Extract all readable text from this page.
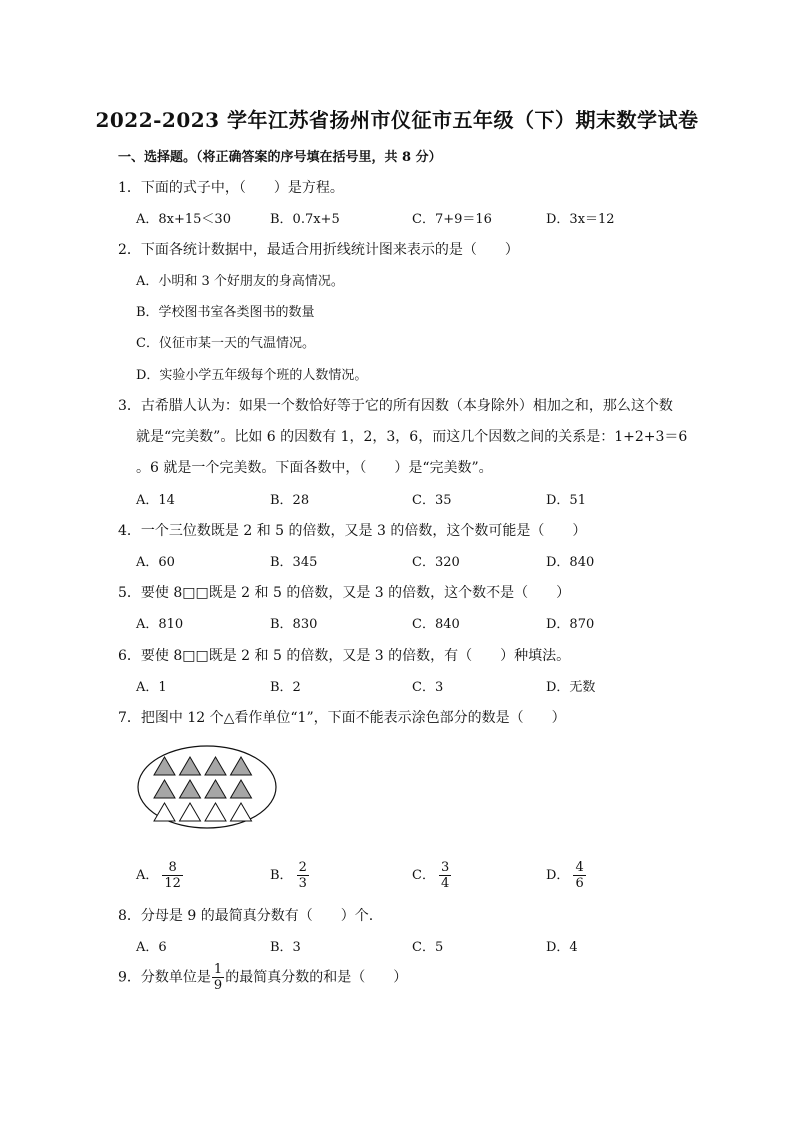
2022-2023 学年江苏省扬州市仪征市五年级（下）期末数学试卷
一、选择题。（将正确答案的序号填在括号里，共 8 分）
1．下面的式子中，（　　）是方程。
A．8x+15＜30	B．0.7x+5	C．7+9＝16	D．3x＝12
2．下面各统计数据中，最适合用折线统计图来表示的是（　　）
A．小明和 3 个好朋友的身高情况。
B．学校图书室各类图书的数量
C．仪征市某一天的气温情况。
D．实验小学五年级每个班的人数情况。
3．古希腊人认为：如果一个数恰好等于它的所有因数（本身除外）相加之和，那么这个数
就是“完美数”。比如 6 的因数有 1，2，3，6，而这几个因数之间的关系是：1+2+3＝6
。6 就是一个完美数。下面各数中，（　　）是“完美数”。
A．14	B．28	C．35	D．51
4．一个三位数既是 2 和 5 的倍数，又是 3 的倍数，这个数可能是（　　）
A．60	B．345	C．320	D．840
5．要使 8□□既是 2 和 5 的倍数，又是 3 的倍数，这个数不是（　　）
A．810	B．830	C．840	D．870
6．要使 8□□既是 2 和 5 的倍数，又是 3 的倍数，有（　　）种填法。
A．1	B．2	C．3	D．无数
7．把图中 12 个△看作单位“1”，下面不能表示涂色部分的数是（　　）
A． $\frac{8}{12}$	B． $\frac{2}{3}$	C． $\frac{3}{4}$	D． $\frac{4}{6}$
8．分母是 9 的最简真分数有（　　）个.
A．6	B．3	C．5	D．4
9．分数单位是 $\frac{1}{9}$ 的最简真分数的和是（　　）
